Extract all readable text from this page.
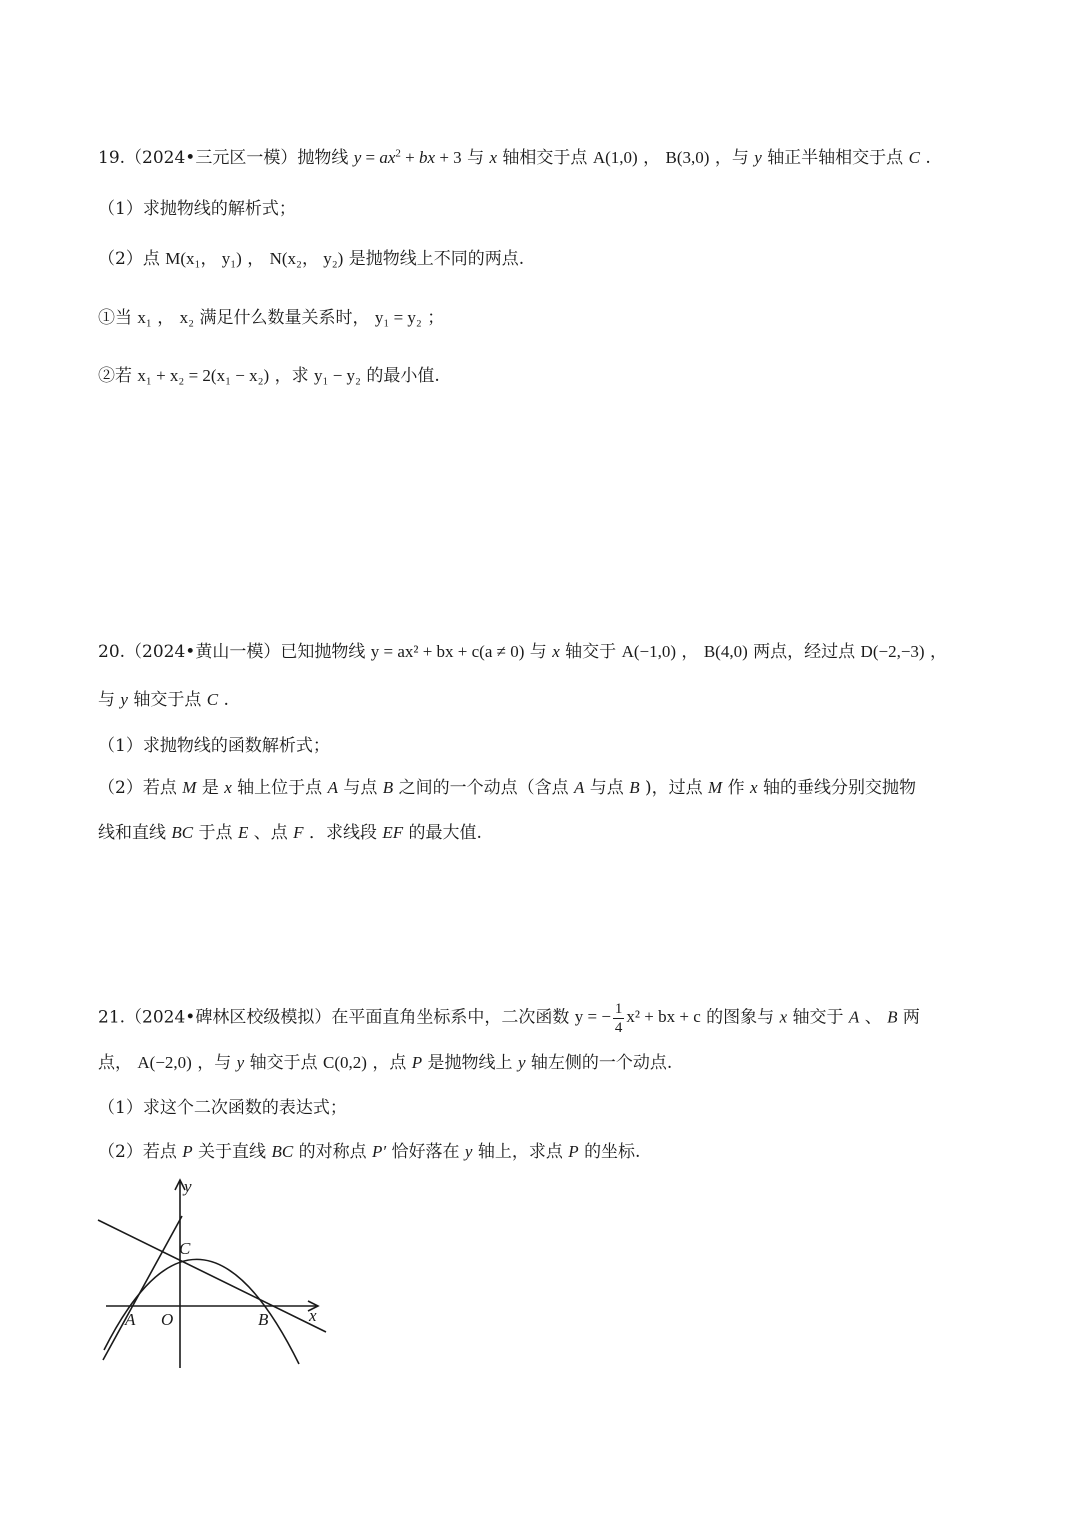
19.（2024•三元区一模）抛物线 $y = ax^2$ + bx + 3 与 x 轴相交于点 A(1,0) ， B(3,0) ，与 y 轴正半轴相交于点 C .
（1）求抛物线的解析式；
（2）点 M(x₁， y₁) ， N(x₂， y₂) 是抛物线上不同的两点.
①当 x₁ ， x₂ 满足什么数量关系时， y₁ = y₂ ；
②若 x₁ + x₂ = 2(x₁ − x₂) ，求 y₁ − y₂ 的最小值.
20.（2024•黄山一模）已知抛物线 y = ax² + bx + c(a ≠ 0) 与 x 轴交于 A(−1,0) ， B(4,0) 两点，经过点 D(−2,−3) ，
与 y 轴交于点 C .
（1）求抛物线的函数解析式；
（2）若点 M 是 x 轴上位于点 A 与点 B 之间的一个动点（含点 A 与点 B )，过点 M 作 x 轴的垂线分别交抛物
线和直线 BC 于点 E 、点 F ．求线段 EF 的最大值.
21.（2024•碑林区校级模拟）在平面直角坐标系中，二次函数 y = − $\frac{1}{4} x^2$ + bx + c 的图象与 x 轴交于 A 、 B 两
点， A(−2,0) ，与 y 轴交于点 C(0,2) ，点 P 是抛物线上 y 轴左侧的一个动点.
（1）求这个二次函数的表达式；
（2）若点 P 关于直线 BC 的对称点 P′ 恰好落在 y 轴上，求点 P 的坐标.
y
x
C
A O	B
